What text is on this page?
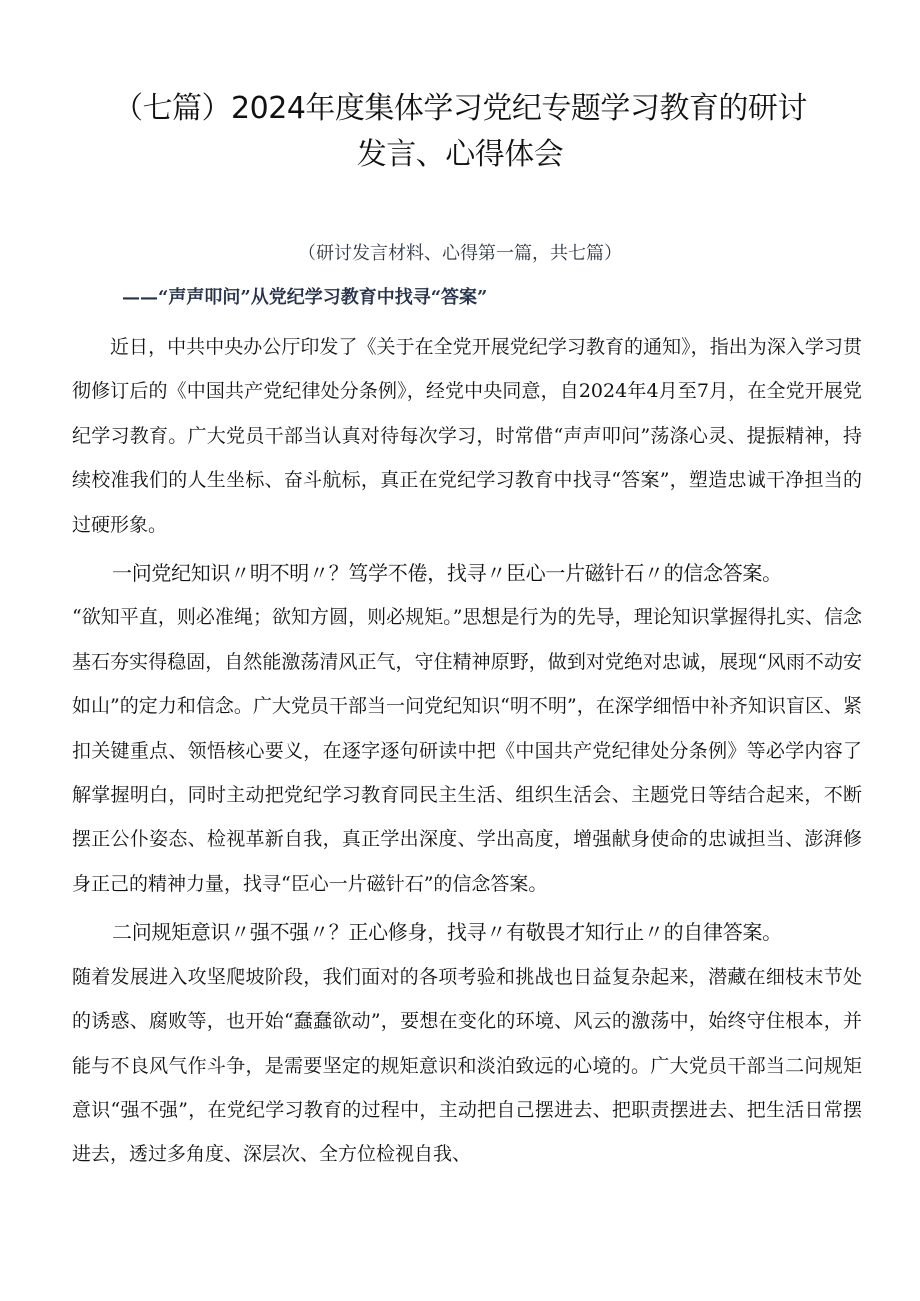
（七篇）2024年度集体学习党纪专题学习教育的研讨
发言、心得体会
（研讨发言材料、心得第一篇，共七篇）
——“声声叩问”从党纪学习教育中找寻“答案”

近日，中共中央办公厅印发了《关于在全党开展党纪学习教育的通知》，指出为深入学习贯彻修订后的《中国共产党纪律处分条例》，经党中央同意，自2024年4月至7月，在全党开展党纪学习教育。广大党员干部当认真对待每次学习，时常借“声声叩问”荡涤心灵、提振精神，持续校准我们的人生坐标、奋斗航标，真正在党纪学习教育中找寻“答案”，塑造忠诚干净担当的过硬形象。

一问党纪知识〃明不明〃？笃学不倦，找寻〃臣心一片磁针石〃的信念答案。

“欲知平直，则必准绳；欲知方圆，则必规矩。”思想是行为的先导，理论知识掌握得扎实、信念基石夯实得稳固，自然能激荡清风正气，守住精神原野，做到对党绝对忠诚，展现“风雨不动安如山”的定力和信念。广大党员干部当一问党纪知识“明不明”，在深学细悟中补齐知识盲区、紧扣关键重点、领悟核心要义，在逐字逐句研读中把《中国共产党纪律处分条例》等必学内容了解掌握明白，同时主动把党纪学习教育同民主生活、组织生活会、主题党日等结合起来，不断摆正公仆姿态、检视革新自我，真正学出深度、学出高度，增强献身使命的忠诚担当、澎湃修身正己的精神力量，找寻“臣心一片磁针石”的信念答案。

二问规矩意识〃强不强〃？正心修身，找寻〃有敬畏才知行止〃的自律答案。

随着发展进入攻坚爬坡阶段，我们面对的各项考验和挑战也日益复杂起来，潜藏在细枝末节处的诱惑、腐败等，也开始“蠢蠢欲动”，要想在变化的环境、风云的激荡中，始终守住根本，并能与不良风气作斗争，是需要坚定的规矩意识和淡泊致远的心境的。广大党员干部当二问规矩意识“强不强”，在党纪学习教育的过程中，主动把自己摆进去、把职责摆进去、把生活日常摆进去，透过多角度、深层次、全方位检视自我、
